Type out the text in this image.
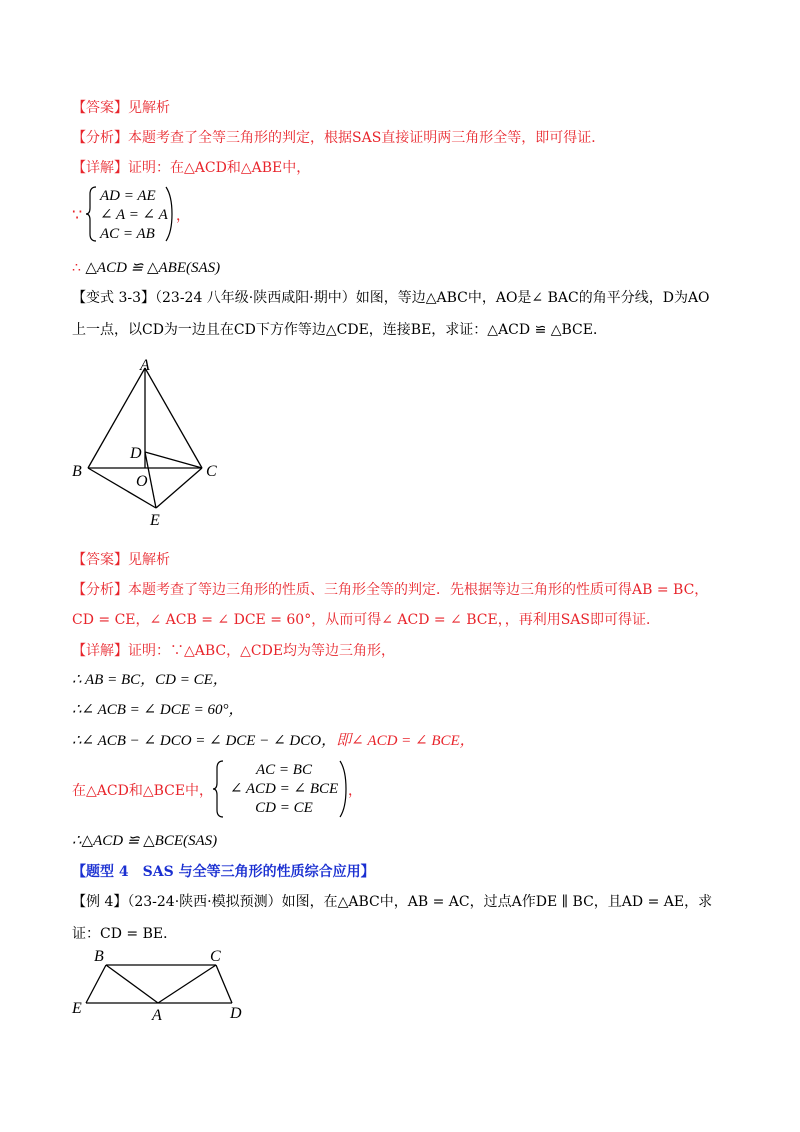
【答案】见解析
【分析】本题考查了全等三角形的判定，根据SAS直接证明两三角形全等，即可得证．
【详解】证明：在△ACD和△ABE中，
∵
AD = AE
∠ A = ∠ A
AC = AB
，
∴ △ACD ≌ △ABE(SAS)
【变式 3-3】（23-24 八年级·陕西咸阳·期中）如图，等边△ABC中，AO是∠ BAC的角平分线，D为AO
上一点，以CD为一边且在CD下方作等边△CDE，连接BE，求证：△ACD ≌ △BCE．
A
B	C
D
O
E
【答案】见解析
【分析】本题考查了等边三角形的性质、三角形全等的判定．先根据等边三角形的性质可得AB = BC，
CD = CE，∠ ACB = ∠ DCE = 60°，从而可得∠ ACD = ∠ BCE，，再利用SAS即可得证．
【详解】证明：∵△ABC，△CDE均为等边三角形，
∴ AB = BC，CD = CE，
∴∠ ACB = ∠ DCE = 60°，
∴∠ ACB − ∠ DCO = ∠ DCE − ∠ DCO，即∠ ACD = ∠ BCE，
在△ACD和△BCE中，
AC = BC
∠ ACD = ∠ BCE
CD = CE
，
∴△ACD ≌ △BCE(SAS)
【题型 4　SAS 与全等三角形的性质综合应用】
【例 4】（23-24·陕西·模拟预测）如图，在△ABC中，AB = AC，过点A作DE ∥ BC，且AD = AE，求
证：CD = BE．
B	C
E	A	D
